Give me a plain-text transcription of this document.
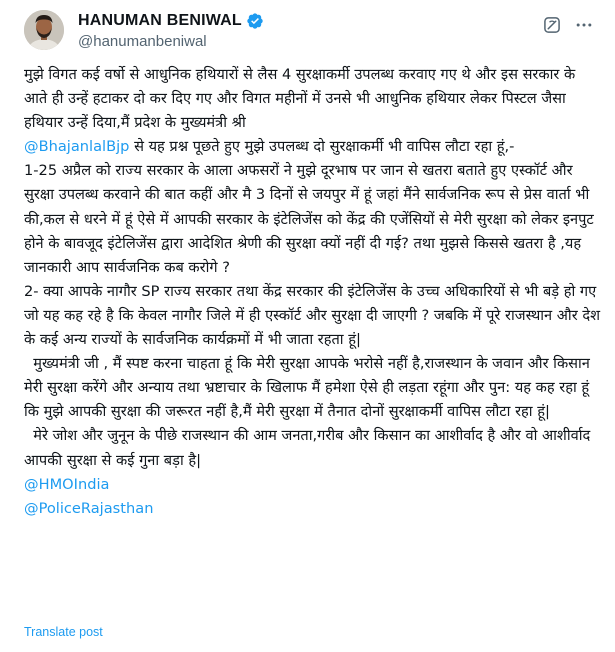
HANUMAN BENIWAL
@hanumanbeniwal

मुझे विगत कई वर्षो से आधुनिक हथियारों से लैस 4 सुरक्षाकर्मी उपलब्ध करवाए गए थे और इस सरकार के आते ही उन्हें हटाकर दो कर दिए गए और विगत महीनों में उनसे भी आधुनिक हथियार लेकर पिस्टल जैसा हथियार उन्हें दिया,मैं प्रदेश के मुख्यमंत्री श्री
@BhajanlalBjp से यह प्रश्न पूछते हुए मुझे उपलब्ध दो सुरक्षाकर्मी भी वापिस लौटा रहा हूं,-

1-25 अप्रैल को राज्य सरकार के आला अफसरों ने मुझे दूरभाष पर जान से खतरा बताते हुए एस्कॉर्ट और सुरक्षा उपलब्ध करवाने की बात कहीं और मै 3 दिनों से जयपुर में हूं जहां मैंने सार्वजनिक रूप से प्रेस वार्ता भी की,कल से धरने में हूं ऐसे में आपकी सरकार के इंटेलिजेंस को केंद्र की एजेंसियों से मेरी सुरक्षा को लेकर इनपुट होने के बावजूद इंटेलिजेंस द्वारा आदेशित श्रेणी की सुरक्षा क्यों नहीं दी गई? तथा मुझसे किससे खतरा है ,यह जानकारी आप सार्वजनिक कब करोगे ?

2- क्या आपके नागौर SP राज्य सरकार तथा केंद्र सरकार की इंटेलिजेंस के उच्च अधिकारियों से भी बड़े हो गए जो यह कह रहे है कि केवल नागौर जिले में ही एस्कॉर्ट और सुरक्षा दी जाएगी ? जबकि में पूरे राजस्थान और देश के कई अन्य राज्यों के सार्वजनिक कार्यक्रमों में भी जाता रहता हूं|

मुख्यमंत्री जी , मैं स्पष्ट करना चाहता हूं कि मेरी सुरक्षा आपके भरोसे नहीं है,राजस्थान के जवान और किसान मेरी सुरक्षा करेंगे और अन्याय तथा भ्रष्टाचार के खिलाफ मैं हमेशा ऐसे ही लड़ता रहूंगा और पुन: यह कह रहा हूं कि मुझे आपकी सुरक्षा की जरूरत नहीं है,मैं मेरी सुरक्षा में तैनात दोनों सुरक्षाकर्मी वापिस लौटा रहा हूं|

मेरे जोश और जुनून के पीछे राजस्थान की आम जनता,गरीब और किसान का आशीर्वाद है और वो आशीर्वाद आपकी सुरक्षा से कई गुना बड़ा है|

@HMOIndia

@PoliceRajasthan

Translate post
